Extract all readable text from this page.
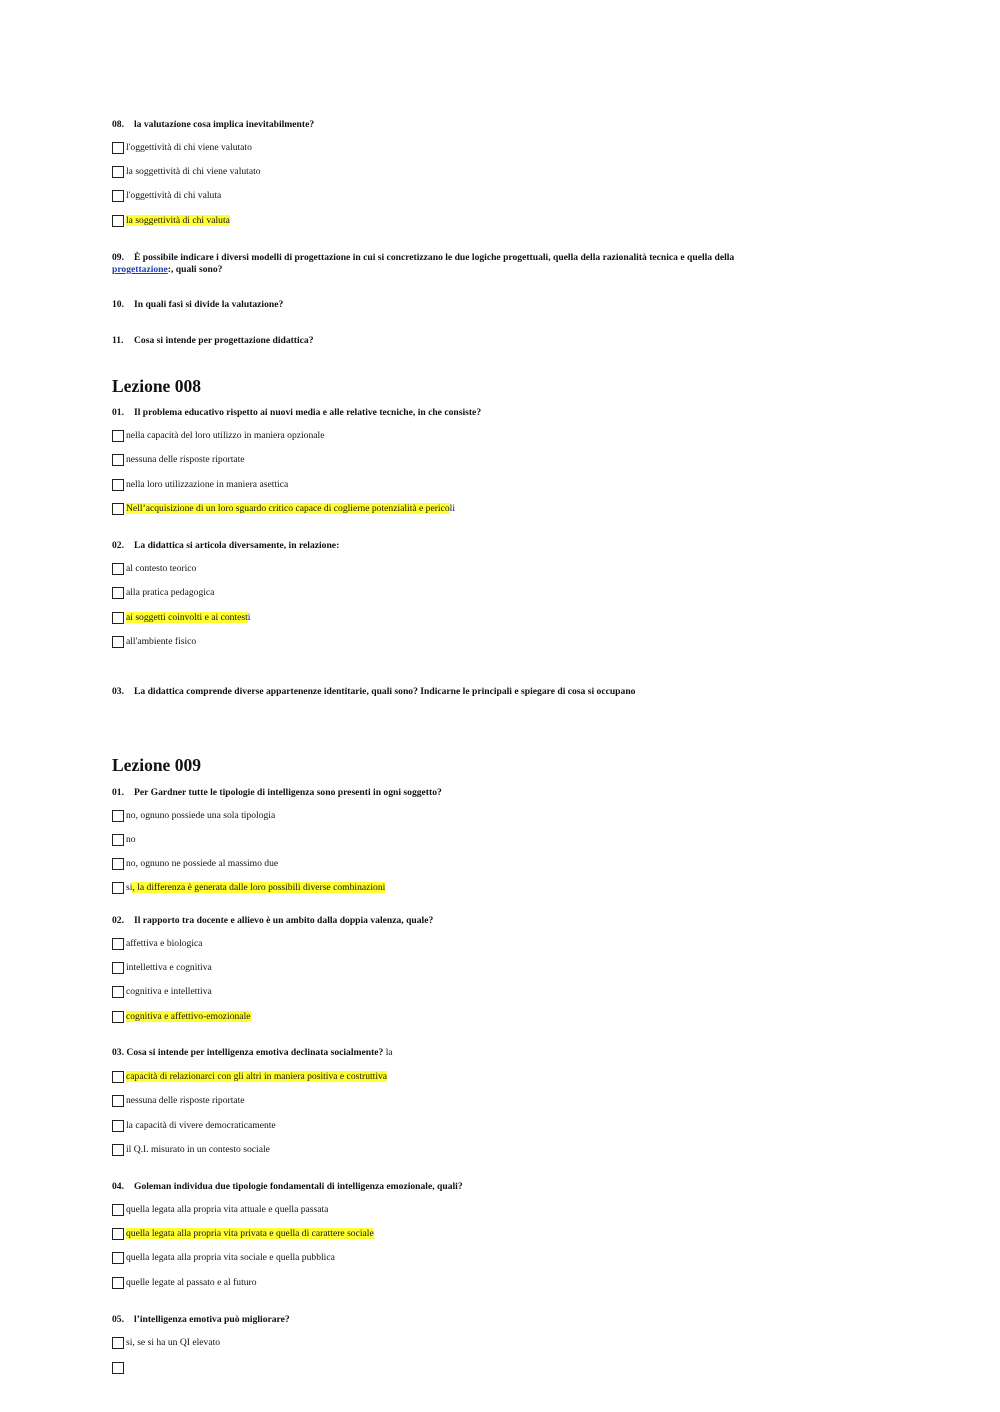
08. la valutazione cosa implica inevitabilmente?
l'oggettività di chi viene valutato
la soggettività di chi viene valutato
l'oggettività di chi valuta
la soggettività di chi valuta
09. È possibile indicare i diversi modelli di progettazione in cui si concretizzano le due logiche progettuali, quella della razionalità tecnica e quella della
progettazione:, quali sono?
10. In quali fasi si divide la valutazione?
11. Cosa si intende per progettazione didattica?
Lezione 008
01. Il problema educativo rispetto ai nuovi media e alle relative tecniche, in che consiste?
nella capacità del loro utilizzo in maniera opzionale
nessuna delle risposte riportate
nella loro utilizzazione in maniera asettica
Nell’acquisizione di un loro sguardo critico capace di coglierne potenzialità e perico li
02. La didattica si articola diversamente, in relazione:
al contesto teorico
alla pratica pedagogica
ai soggetti coinvolti e ai contest i
all'ambiente fisico
03. La didattica comprende diverse appartenenze identitarie, quali sono? Indicarne le principali e spiegare di cosa si occupano
Lezione 009
01. Per Gardner tutte le tipologie di intelligenza sono presenti in ogni soggetto?
no, ognuno possiede una sola tipologia
no
no, ognuno ne possiede al massimo due
si , la differenza è generata dalle loro possibili diverse combinazioni
02. Il rapporto tra docente e allievo è un ambito dalla doppia valenza, quale?
affettiva e biologica
intellettiva e cognitiva
cognitiva e intellettiva
cognitiva e affettivo-emozionale
03. Cosa si intende per intelligenza emotiva declinata socialmente? la
capacità di relazionarci con gli altri in maniera positiva e costruttiva
nessuna delle risposte riportate
la capacità di vivere democraticamente
il Q.I. misurato in un contesto sociale
04. Goleman individua due tipologie fondamentali di intelligenza emozionale, quali?
quella legata alla propria vita attuale e quella passata
quella legata alla propria vita privata e quella di carattere sociale
quella legata alla propria vita sociale e quella pubblica
quelle legate al passato e al futuro
05. l’intelligenza emotiva può migliorare?
si, se si ha un QI elevato
